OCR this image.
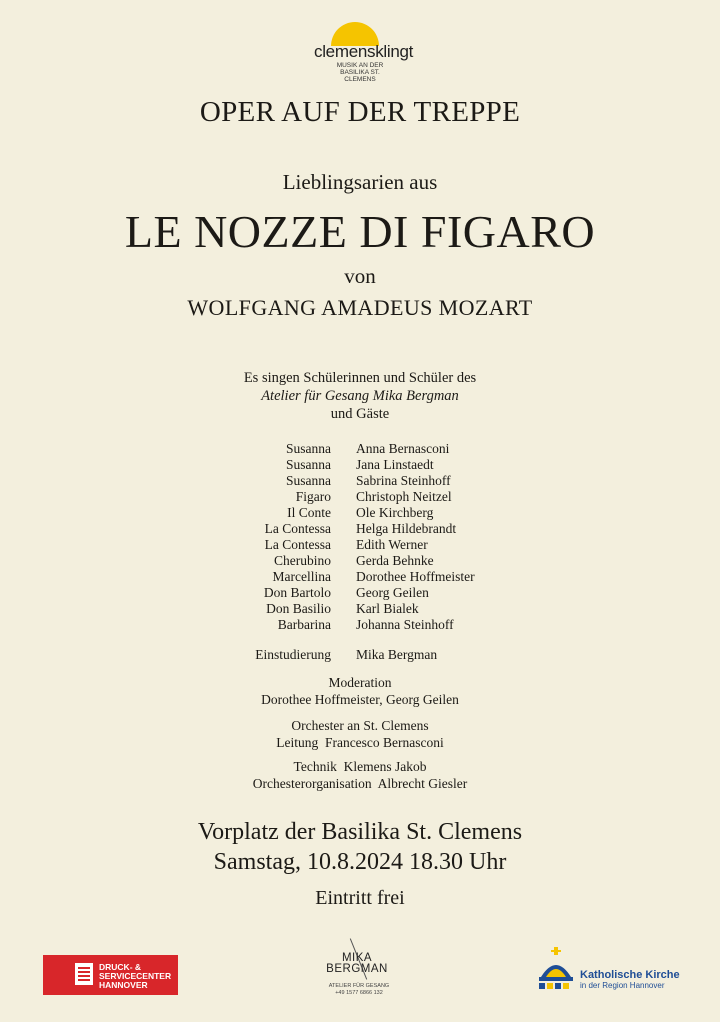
clemensklingt
MUSIK AN DER
BASILIKA ST. CLEMENS
OPER AUF DER TREPPE
Lieblingsarien aus
LE NOZZE DI FIGARO
von
WOLFGANG AMADEUS MOZART
Es singen Schülerinnen und Schüler des
Atelier für Gesang Mika Bergman
und Gäste
Susanna Anna Bernasconi
Susanna Jana Linstaedt
Susanna Sabrina Steinhoff
Figaro Christoph Neitzel
Il Conte Ole Kirchberg
La Contessa Helga Hildebrandt
La Contessa Edith Werner
Cherubino Gerda Behnke
Marcellina Dorothee Hoffmeister
Don Bartolo Georg Geilen
Don Basilio Karl Bialek
Barbarina Johanna Steinhoff
Einstudierung Mika Bergman
Moderation
Dorothee Hoffmeister, Georg Geilen
Orchester an St. Clemens
Leitung  Francesco Bernasconi
Technik  Klemens Jakob
Orchesterorganisation  Albrecht Giesler
Vorplatz der Basilika St. Clemens
Samstag, 10.8.2024 18.30 Uhr
Eintritt frei
DRUCK- &
SERVICECENTER
HANNOVER
MIKA
BERGMAN
ATELIER FÜR GESANG
+49 1577 6866 132
Katholische Kirche
in der Region Hannover
